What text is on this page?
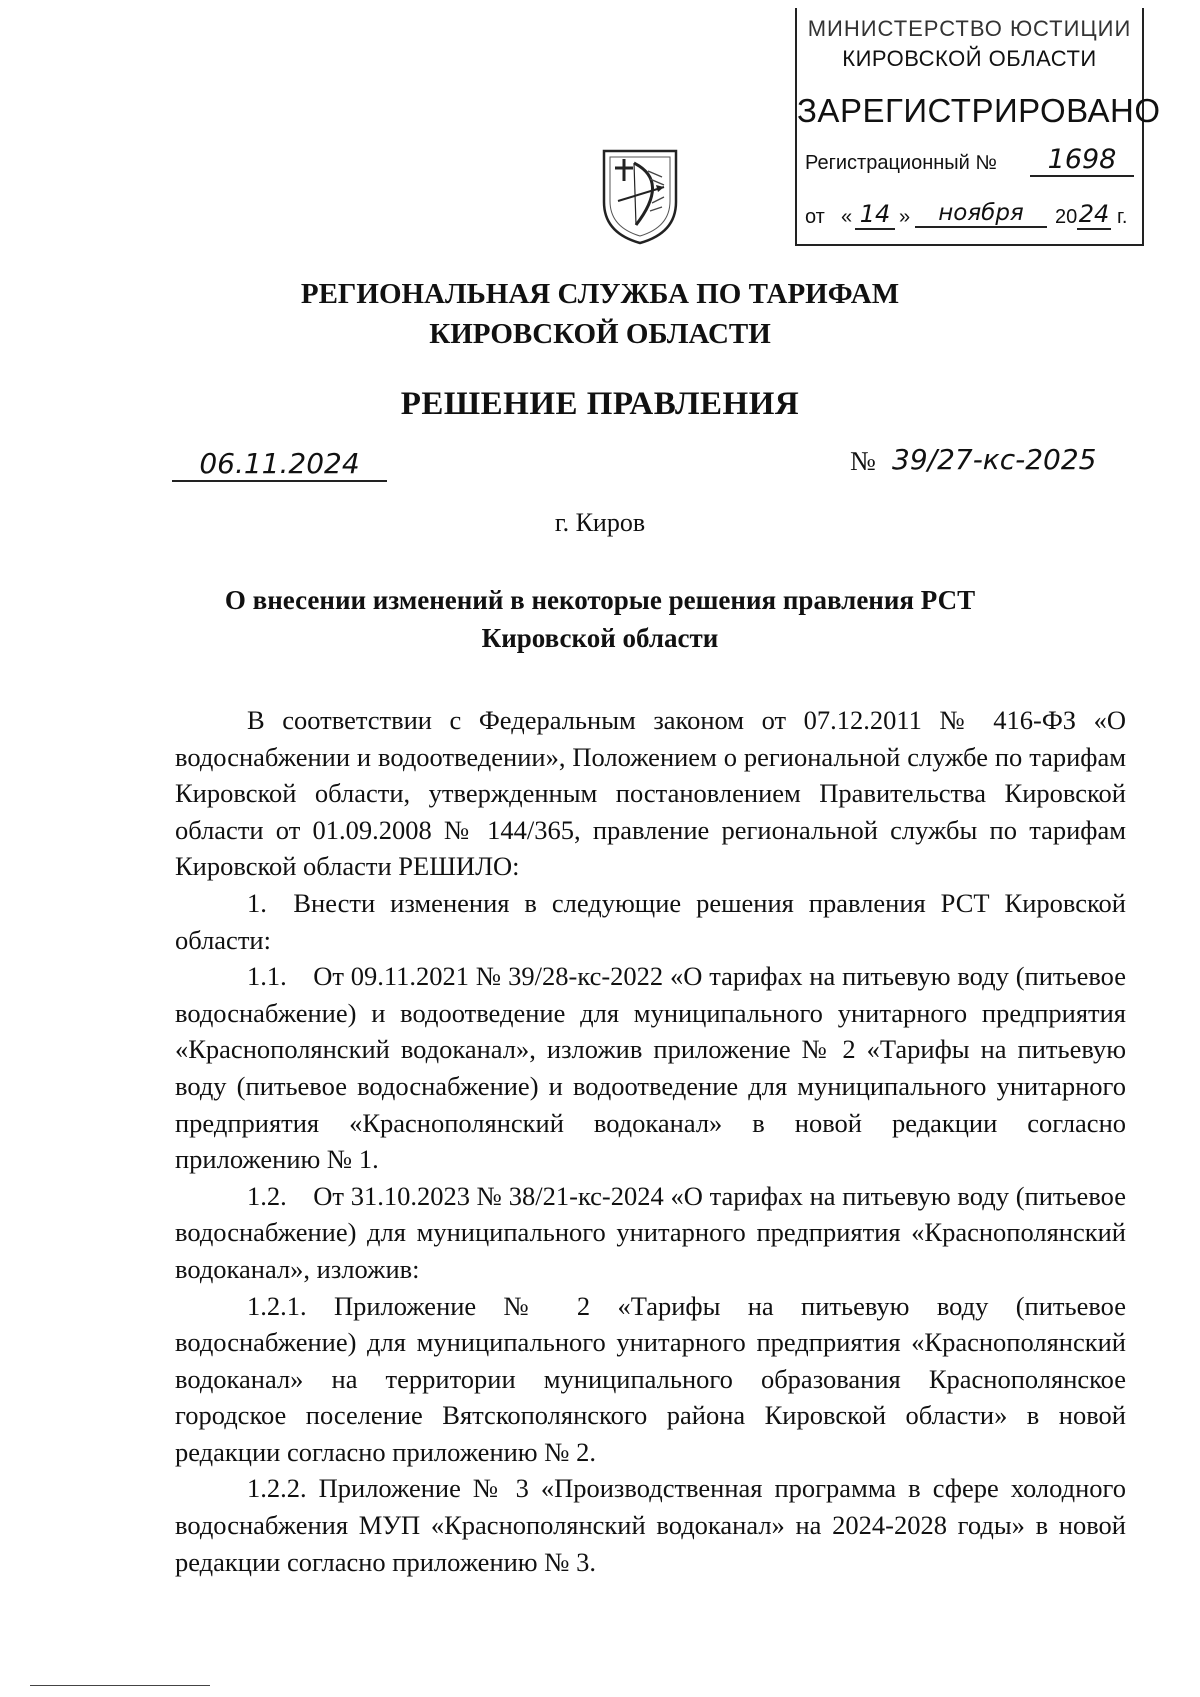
МИНИСТЕРСТВО ЮСТИЦИИ
КИРОВСКОЙ ОБЛАСТИ
ЗАРЕГИСТРИРОВАНО
Регистрационный №	1698
от « 14 »	ноября	20 24 г.
РЕГИОНАЛЬНАЯ СЛУЖБА ПО ТАРИФАМ
КИРОВСКОЙ ОБЛАСТИ
РЕШЕНИЕ ПРАВЛЕНИЯ
06.11.2024	№ 39/27-кс-2025
г. Киров
О внесении изменений в некоторые решения правления РСТ
Кировской области

В соответствии с Федеральным законом от 07.12.2011 № 416-ФЗ «О водоснабжении и водоотведении», Положением о региональной службе по тарифам Кировской области, утвержденным постановлением Правительства Кировской области от 01.09.2008 № 144/365, правление региональной службы по тарифам Кировской области РЕШИЛО:

1. Внести изменения в следующие решения правления РСТ Кировской области:

1.1. От 09.11.2021 № 39/28-кс-2022 «О тарифах на питьевую воду (питьевое водоснабжение) и водоотведение для муниципального унитарного предприятия «Краснополянский водоканал», изложив приложение № 2 «Тарифы на питьевую воду (питьевое водоснабжение) и водоотведение для муниципального унитарного предприятия «Краснополянский водоканал» в новой редакции согласно приложению № 1.

1.2. От 31.10.2023 № 38/21-кс-2024 «О тарифах на питьевую воду (питьевое водоснабжение) для муниципального унитарного предприятия «Краснополянский водоканал», изложив:

1.2.1. Приложение № 2 «Тарифы на питьевую воду (питьевое водоснабжение) для муниципального унитарного предприятия «Краснополянский водоканал» на территории муниципального образования Краснополянское городское поселение Вятскополянского района Кировской области» в новой редакции согласно приложению № 2.

1.2.2. Приложение № 3 «Производственная программа в сфере холодного водоснабжения МУП «Краснополянский водоканал» на 2024-2028 годы» в новой редакции согласно приложению № 3.
